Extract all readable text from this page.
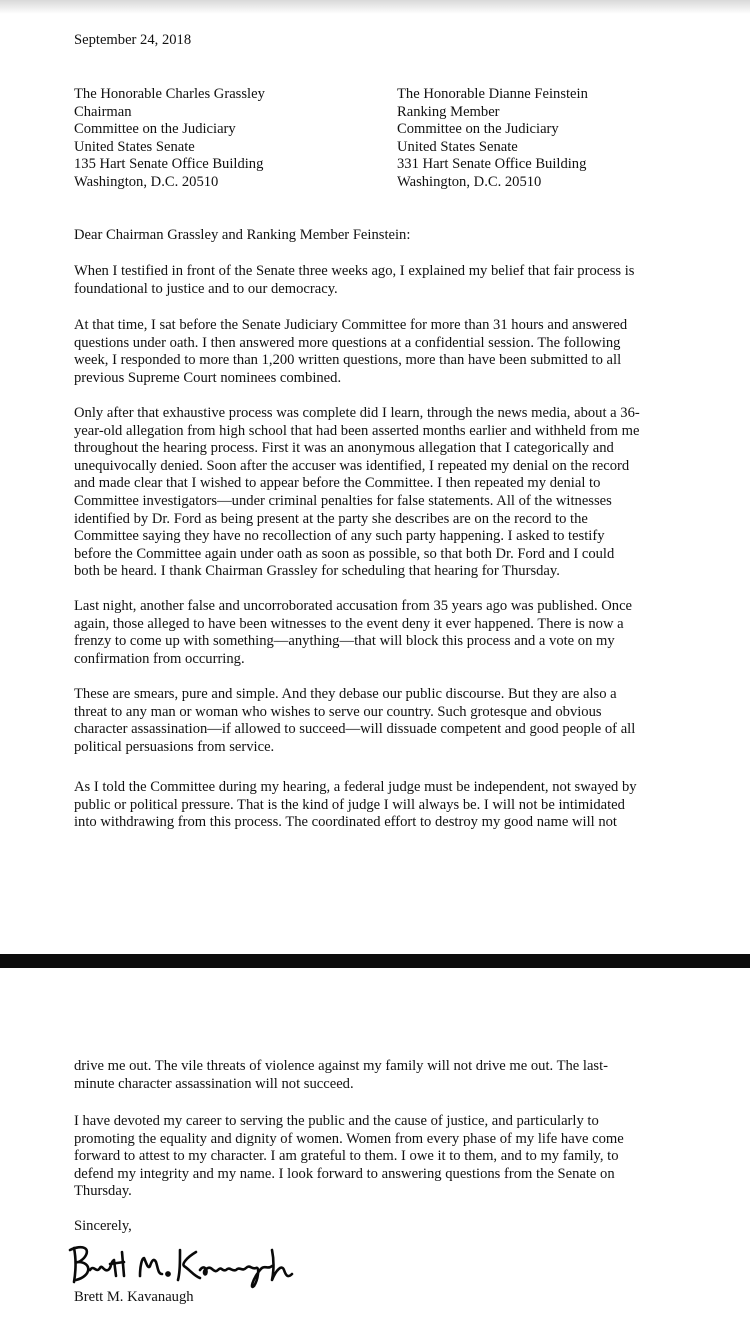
September 24, 2018
The Honorable Charles Grassley
Chairman
Committee on the Judiciary
United States Senate
135 Hart Senate Office Building
Washington, D.C. 20510
The Honorable Dianne Feinstein
Ranking Member
Committee on the Judiciary
United States Senate
331 Hart Senate Office Building
Washington, D.C. 20510
Dear Chairman Grassley and Ranking Member Feinstein:
When I testified in front of the Senate three weeks ago, I explained my belief that fair process is
foundational to justice and to our democracy.
At that time, I sat before the Senate Judiciary Committee for more than 31 hours and answered
questions under oath. I then answered more questions at a confidential session. The following
week, I responded to more than 1,200 written questions, more than have been submitted to all
previous Supreme Court nominees combined.
Only after that exhaustive process was complete did I learn, through the news media, about a 36-
year-old allegation from high school that had been asserted months earlier and withheld from me
throughout the hearing process. First it was an anonymous allegation that I categorically and
unequivocally denied. Soon after the accuser was identified, I repeated my denial on the record
and made clear that I wished to appear before the Committee. I then repeated my denial to
Committee investigators—under criminal penalties for false statements. All of the witnesses
identified by Dr. Ford as being present at the party she describes are on the record to the
Committee saying they have no recollection of any such party happening. I asked to testify
before the Committee again under oath as soon as possible, so that both Dr. Ford and I could
both be heard. I thank Chairman Grassley for scheduling that hearing for Thursday.
Last night, another false and uncorroborated accusation from 35 years ago was published. Once
again, those alleged to have been witnesses to the event deny it ever happened. There is now a
frenzy to come up with something—anything—that will block this process and a vote on my
confirmation from occurring.
These are smears, pure and simple. And they debase our public discourse. But they are also a
threat to any man or woman who wishes to serve our country. Such grotesque and obvious
character assassination—if allowed to succeed—will dissuade competent and good people of all
political persuasions from service.
As I told the Committee during my hearing, a federal judge must be independent, not swayed by
public or political pressure. That is the kind of judge I will always be. I will not be intimidated
into withdrawing from this process. The coordinated effort to destroy my good name will not
drive me out. The vile threats of violence against my family will not drive me out. The last-
minute character assassination will not succeed.
I have devoted my career to serving the public and the cause of justice, and particularly to
promoting the equality and dignity of women. Women from every phase of my life have come
forward to attest to my character. I am grateful to them. I owe it to them, and to my family, to
defend my integrity and my name. I look forward to answering questions from the Senate on
Thursday.
Sincerely,
Brett M. Kavanaugh
